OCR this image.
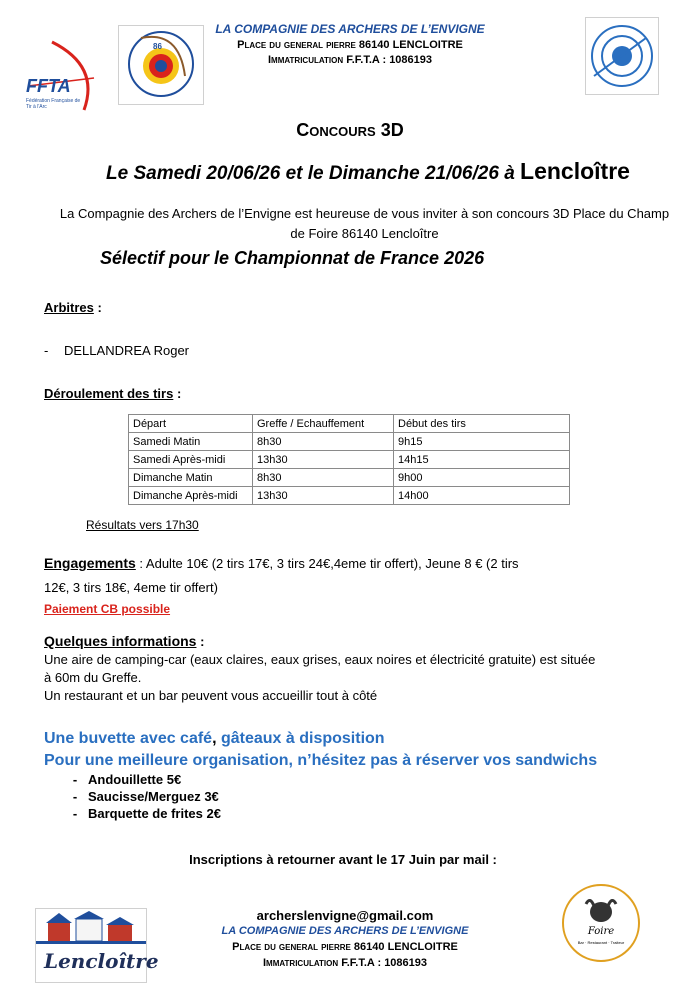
FFTA
Fédération Française de Tir à l'Arc
86
LA COMPAGNIE DES ARCHERS DE L’ENVIGNE
Place du general pierre 86140 LENCLOITRE
Immatriculation F.F.T.A : 1086193
Concours 3D
Le Samedi 20/06/26 et le Dimanche 21/06/26 à Lencloître
La Compagnie des Archers de l’Envigne est heureuse de vous inviter à son concours 3D Place du Champ de Foire 86140 Lencloître
Sélectif pour le Championnat de France 2026
Arbitres :
- DELLANDREA Roger
Déroulement des tirs :
Départ	Greffe / Echauffement	Début des tirs
Samedi Matin	8h30	9h15
Samedi Après-midi	13h30	14h15
Dimanche Matin	8h30	9h00
Dimanche Après-midi	13h30	14h00
Résultats vers 17h30
Engagements : Adulte 10€ (2 tirs 17€, 3 tirs 24€,4eme tir offert), Jeune 8 € (2 tirs
12€, 3 tirs 18€, 4eme tir offert)
Paiement CB possible
Quelques informations :
Une aire de camping-car (eaux claires, eaux grises, eaux noires et électricité gratuite) est située
à 60m du Greffe.
Un restaurant et un bar peuvent vous accueillir tout à côté
Une buvette avec café, gâteaux à disposition
Pour une meilleure organisation, n’hésitez pas à réserver vos sandwichs
- Andouillette 5€
- Saucisse/Merguez 3€
- Barquette de frites 2€
Inscriptions à retourner avant le 17 Juin par mail :
Lencloître
Foire
Bar · Restaurant · Traiteur
archerslenvigne@gmail.com
LA COMPAGNIE DES ARCHERS DE L’ENVIGNE
Place du general pierre 86140 LENCLOITRE
Immatriculation F.F.T.A : 1086193
